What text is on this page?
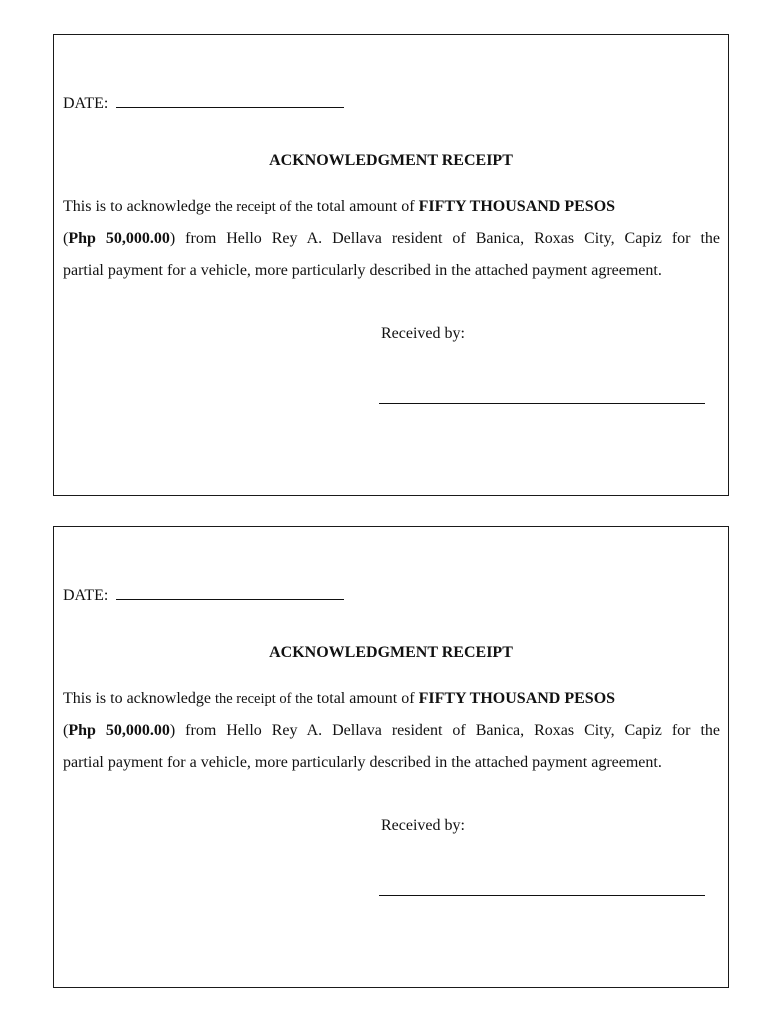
DATE:
ACKNOWLEDGMENT RECEIPT
This is to acknowledge the receipt of the total amount of FIFTY THOUSAND PESOS
(Php 50,000.00) from Hello Rey A. Dellava resident of Banica, Roxas City, Capiz for the
partial payment for a vehicle, more particularly described in the attached payment agreement.
Received by:
DATE:
ACKNOWLEDGMENT RECEIPT
This is to acknowledge the receipt of the total amount of FIFTY THOUSAND PESOS
(Php 50,000.00) from Hello Rey A. Dellava resident of Banica, Roxas City, Capiz for the
partial payment for a vehicle, more particularly described in the attached payment agreement.
Received by:
